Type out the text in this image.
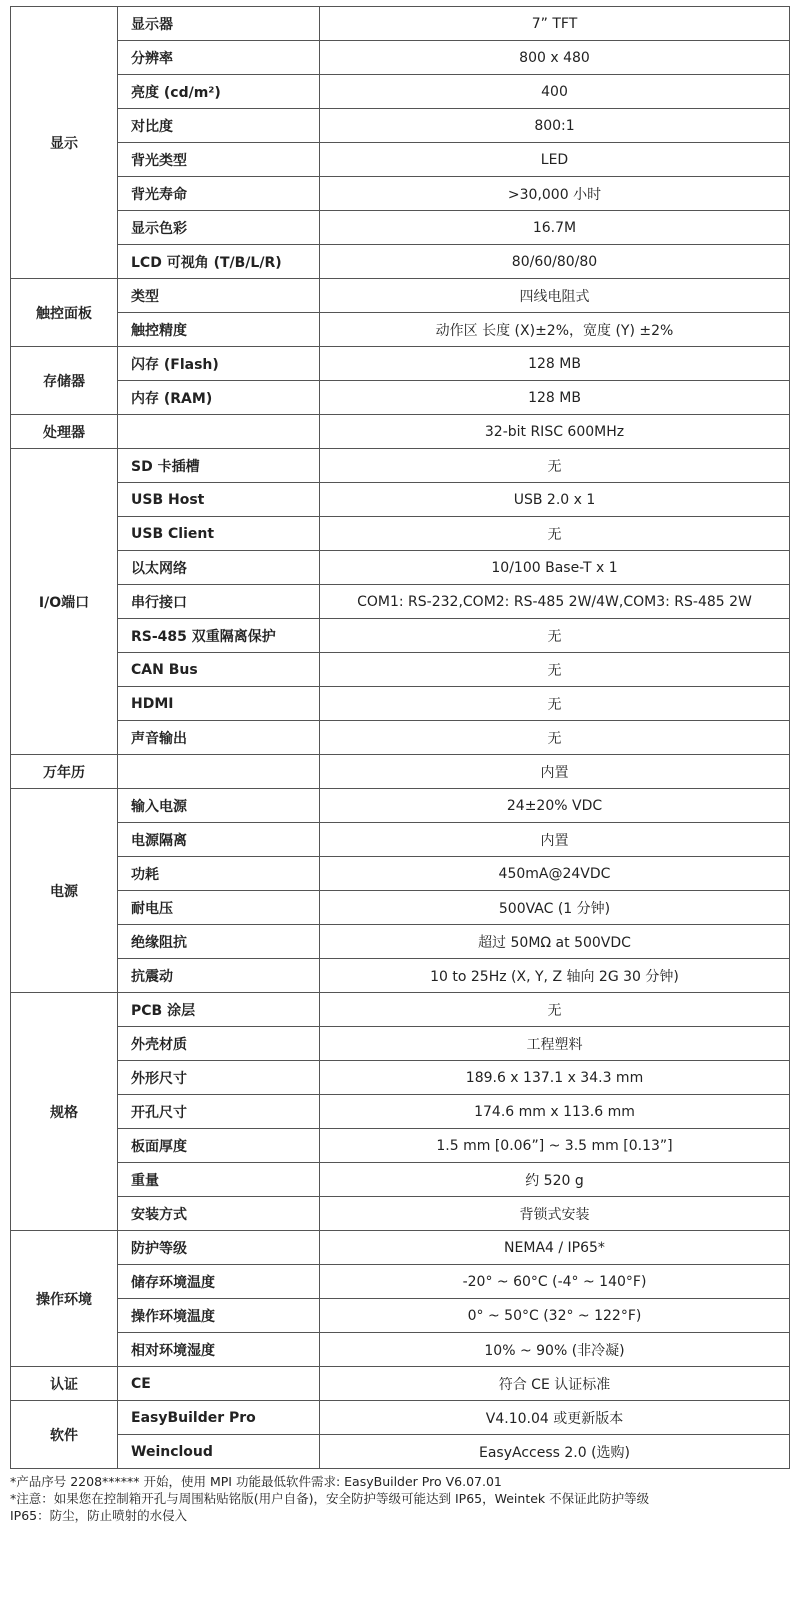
显示	显示器	7” TFT
	分辨率	800 x 480
	亮度 (cd/m²)	400
	对比度	800:1
	背光类型	LED
	背光寿命	>30,000 小时
	显示色彩	16.7M
	LCD 可视角 (T/B/L/R)	80/60/80/80
触控面板	类型	四线电阻式
	触控精度	动作区 长度 (X)±2%，宽度 (Y) ±2%
存储器	闪存 (Flash)	128 MB
	内存 (RAM)	128 MB
处理器		32-bit RISC 600MHz
I/O端口	SD 卡插槽	无
	USB Host	USB 2.0 x 1
	USB Client	无
	以太网络	10/100 Base-T x 1
	串行接口	COM1: RS-232,COM2: RS-485 2W/4W,COM3: RS-485 2W
	RS-485 双重隔离保护	无
	CAN Bus	无
	HDMI	无
	声音输出	无
万年历		内置
电源	输入电源	24±20% VDC
	电源隔离	内置
	功耗	450mA@24VDC
	耐电压	500VAC (1 分钟)
	绝缘阻抗	超过 50MΩ at 500VDC
	抗震动	10 to 25Hz (X, Y, Z 轴向 2G 30 分钟)
规格	PCB 涂层	无
	外壳材质	工程塑料
	外形尺寸	189.6 x 137.1 x 34.3 mm
	开孔尺寸	174.6 mm x 113.6 mm
	板面厚度	1.5 mm [0.06”] ~ 3.5 mm [0.13”]
	重量	约 520 g
	安装方式	背锁式安装
操作环境	防护等级	NEMA4 / IP65*
	储存环境温度	-20° ~ 60°C (-4° ~ 140°F)
	操作环境温度	0° ~ 50°C (32° ~ 122°F)
	相对环境湿度	10% ~ 90% (非冷凝)
认证	CE	符合 CE 认证标准
软件	EasyBuilder Pro	V4.10.04 或更新版本
	Weincloud	EasyAccess 2.0 (选购)
*产品序号 2208****** 开始，使用 MPI 功能最低软件需求: EasyBuilder Pro V6.07.01
*注意：如果您在控制箱开孔与周围粘贴铭版(用户自备)，安全防护等级可能达到 IP65，Weintek 不保证此防护等级
IP65：防尘，防止喷射的水侵入
